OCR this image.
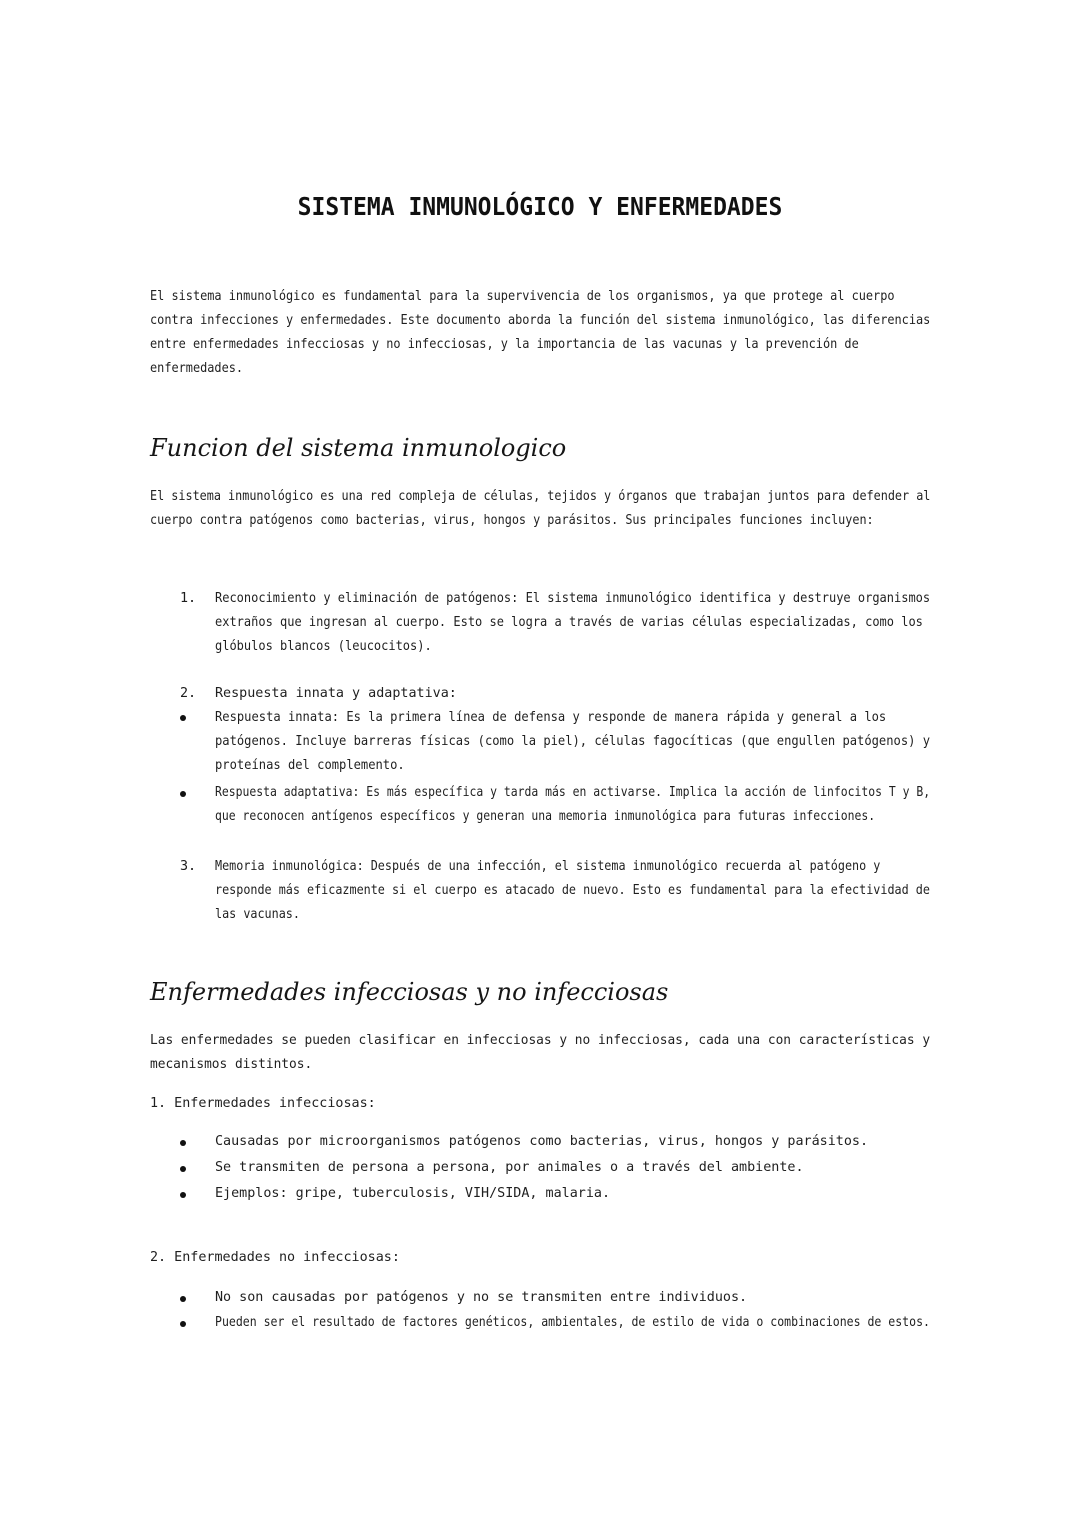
SISTEMA INMUNOLÓGICO Y ENFERMEDADES
El sistema inmunológico es fundamental para la supervivencia de los organismos, ya que protege al cuerpo
contra infecciones y enfermedades. Este documento aborda la función del sistema inmunológico, las diferencias
entre enfermedades infecciosas y no infecciosas, y la importancia de las vacunas y la prevención de
enfermedades.
Funcion del sistema inmunologico
El sistema inmunológico es una red compleja de células, tejidos y órganos que trabajan juntos para defender al
cuerpo contra patógenos como bacterias, virus, hongos y parásitos. Sus principales funciones incluyen:
1. Reconocimiento y eliminación de patógenos: El sistema inmunológico identifica y destruye organismos
extraños que ingresan al cuerpo. Esto se logra a través de varias células especializadas, como los
glóbulos blancos (leucocitos).
2. Respuesta innata y adaptativa:
Respuesta innata: Es la primera línea de defensa y responde de manera rápida y general a los
patógenos. Incluye barreras físicas (como la piel), células fagocíticas (que engullen patógenos) y
proteínas del complemento.
Respuesta adaptativa: Es más específica y tarda más en activarse. Implica la acción de linfocitos T y B,
que reconocen antígenos específicos y generan una memoria inmunológica para futuras infecciones.
3. Memoria inmunológica: Después de una infección, el sistema inmunológico recuerda al patógeno y
responde más eficazmente si el cuerpo es atacado de nuevo. Esto es fundamental para la efectividad de
las vacunas.
Enfermedades infecciosas y no infecciosas
Las enfermedades se pueden clasificar en infecciosas y no infecciosas, cada una con características y
mecanismos distintos.
1. Enfermedades infecciosas:
Causadas por microorganismos patógenos como bacterias, virus, hongos y parásitos.
Se transmiten de persona a persona, por animales o a través del ambiente.
Ejemplos: gripe, tuberculosis, VIH/SIDA, malaria.
2. Enfermedades no infecciosas:
No son causadas por patógenos y no se transmiten entre individuos.
Pueden ser el resultado de factores genéticos, ambientales, de estilo de vida o combinaciones de estos.
